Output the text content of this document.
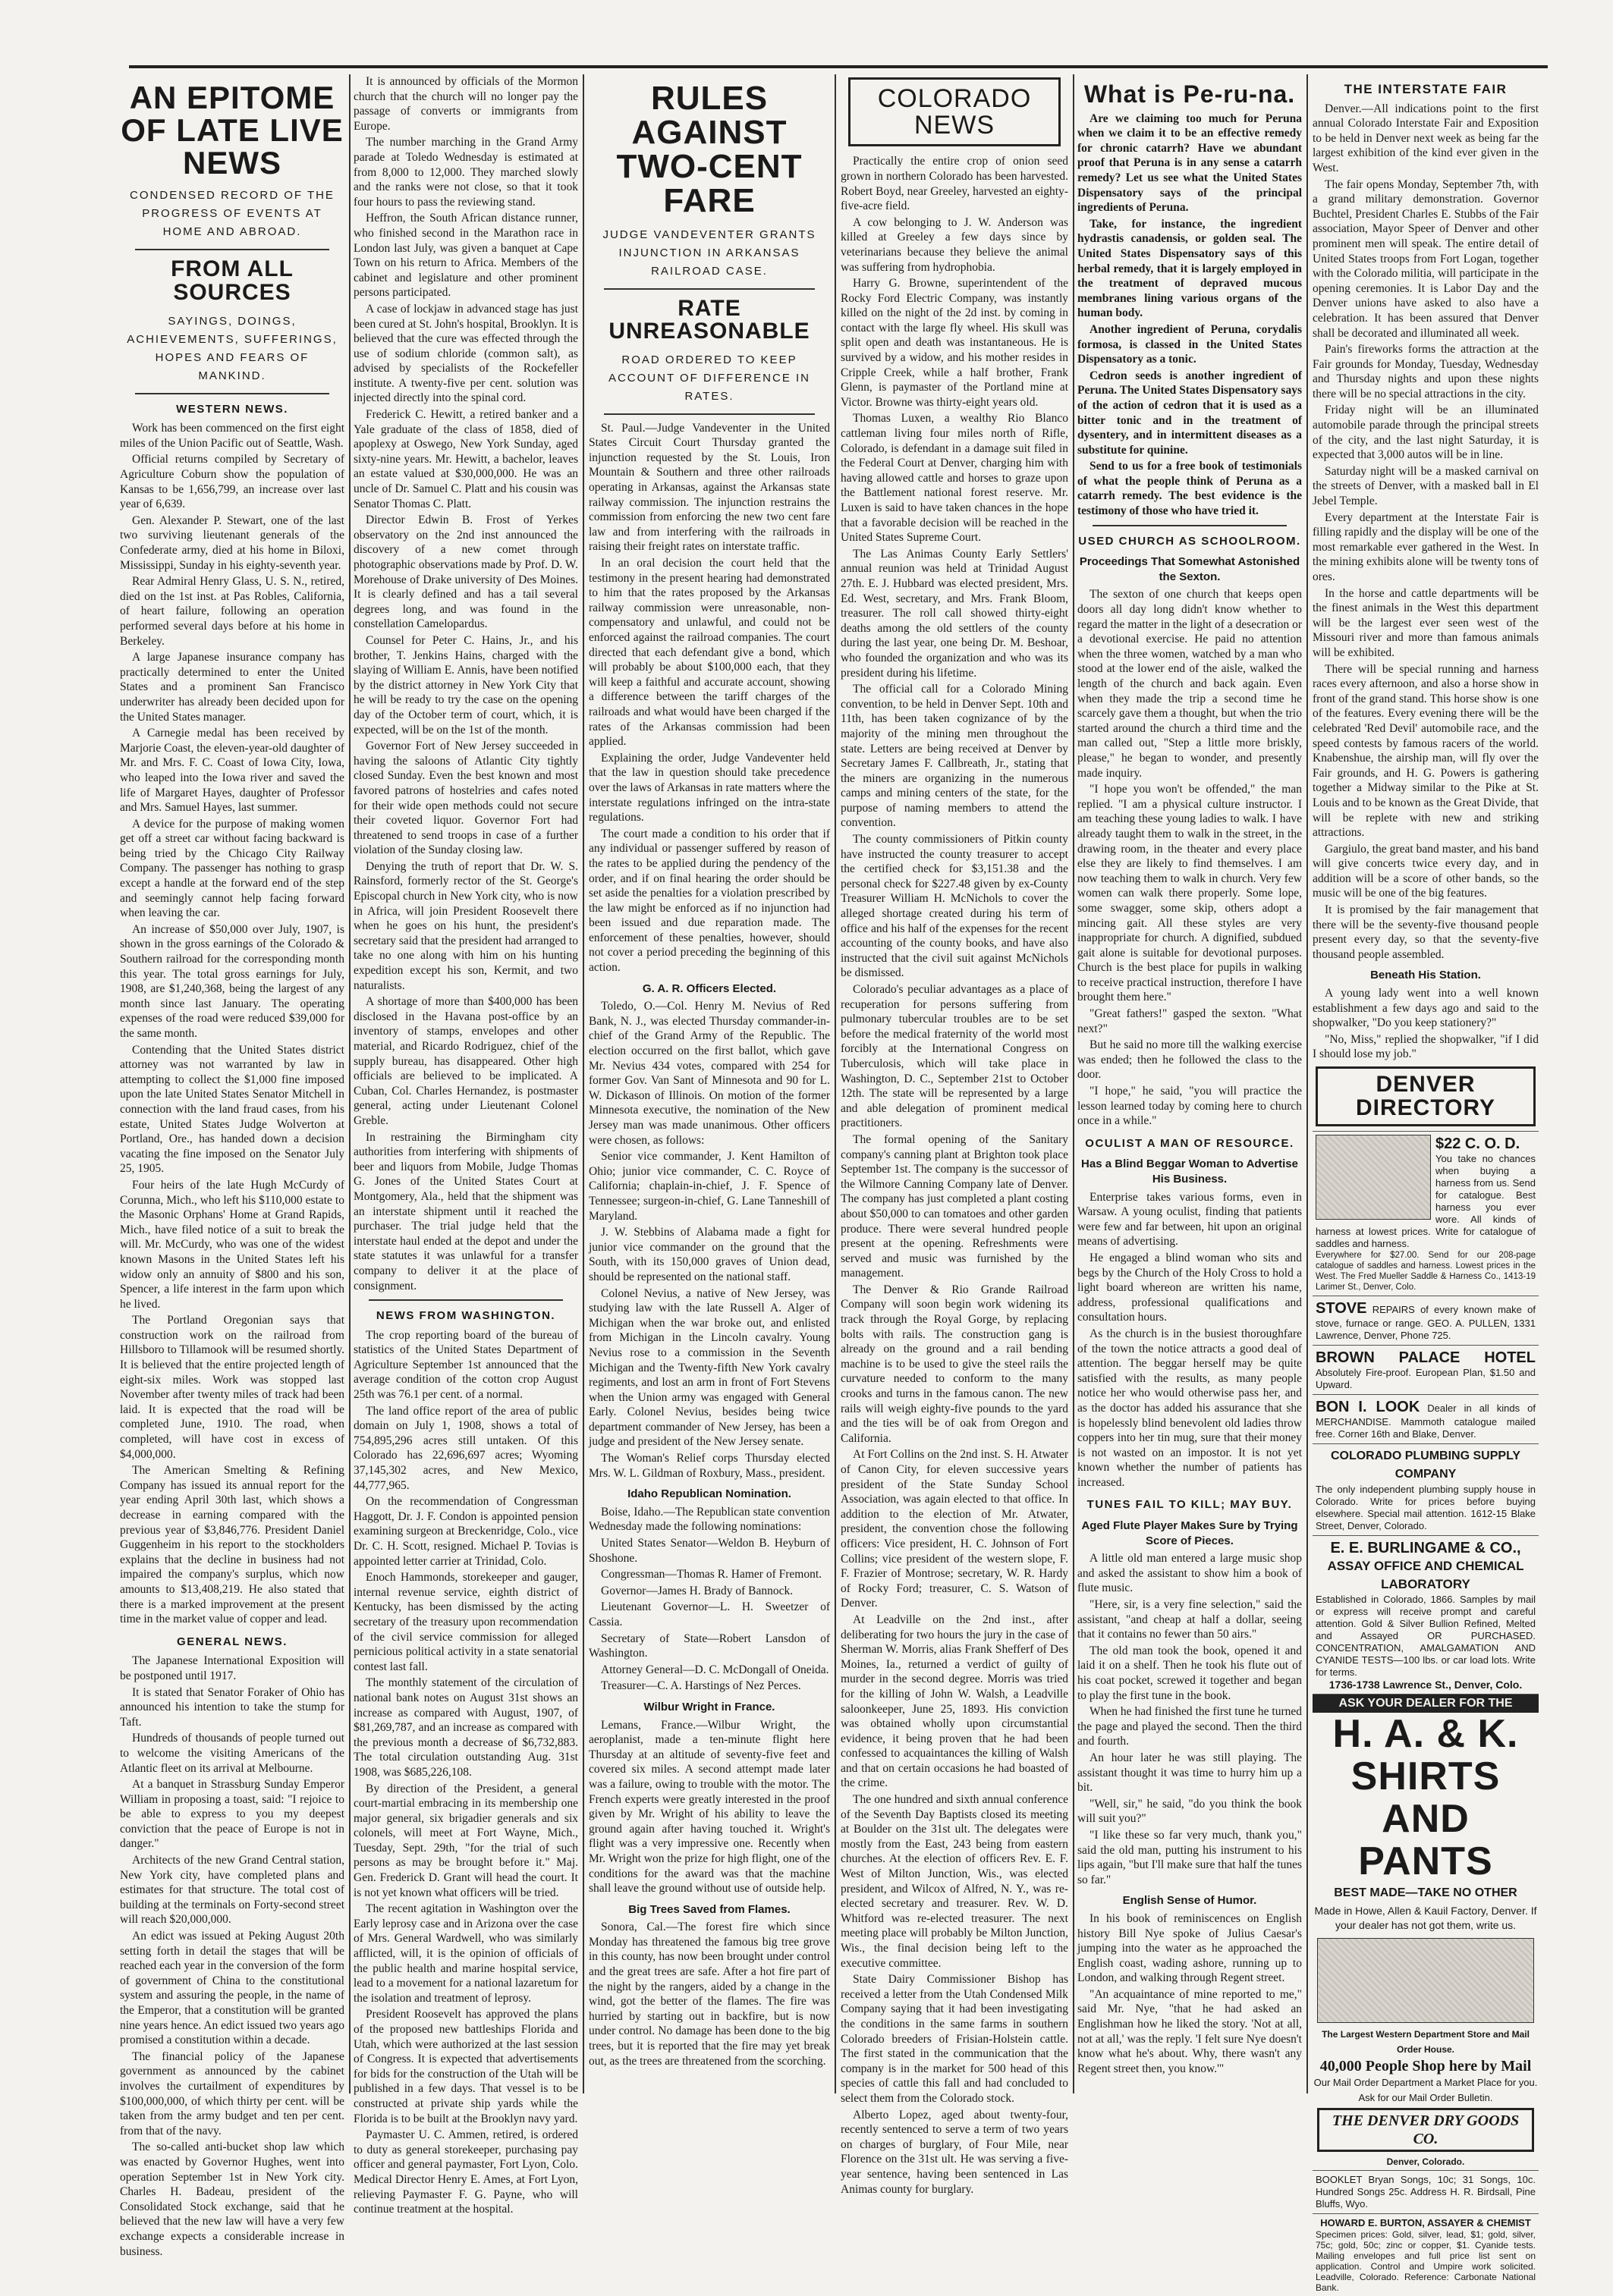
AN EPITOME OF LATE LIVE NEWS
CONDENSED RECORD OF THE PROGRESS OF EVENTS AT HOME AND ABROAD.
FROM ALL SOURCES
SAYINGS, DOINGS, ACHIEVEMENTS, SUFFERINGS, HOPES AND FEARS OF MANKIND.
WESTERN NEWS.

Work has been commenced on the first eight miles of the Union Pacific out of Seattle, Wash.

Official returns compiled by Secretary of Agriculture Coburn show the population of Kansas to be 1,656,799, an increase over last year of 6,639.

Gen. Alexander P. Stewart, one of the last two surviving lieutenant generals of the Confederate army, died at his home in Biloxi, Mississippi, Sunday in his eighty-seventh year.

Rear Admiral Henry Glass, U. S. N., retired, died on the 1st inst. at Pas Robles, California, of heart failure, following an operation performed several days before at his home in Berkeley.

A large Japanese insurance company has practically determined to enter the United States and a prominent San Francisco underwriter has already been decided upon for the United States manager.

A Carnegie medal has been received by Marjorie Coast, the eleven-year-old daughter of Mr. and Mrs. F. C. Coast of Iowa City, Iowa, who leaped into the Iowa river and saved the life of Margaret Hayes, daughter of Professor and Mrs. Samuel Hayes, last summer.

A device for the purpose of making women get off a street car without facing backward is being tried by the Chicago City Railway Company. The passenger has nothing to grasp except a handle at the forward end of the step and seemingly cannot help facing forward when leaving the car.

An increase of $50,000 over July, 1907, is shown in the gross earnings of the Colorado & Southern railroad for the corresponding month this year. The total gross earnings for July, 1908, are $1,240,368, being the largest of any month since last January. The operating expenses of the road were reduced $39,000 for the same month.

Contending that the United States district attorney was not warranted by law in attempting to collect the $1,000 fine imposed upon the late United States Senator Mitchell in connection with the land fraud cases, from his estate, United States Judge Wolverton at Portland, Ore., has handed down a decision vacating the fine imposed on the Senator July 25, 1905.

Four heirs of the late Hugh McCurdy of Corunna, Mich., who left his $110,000 estate to the Masonic Orphans' Home at Grand Rapids, Mich., have filed notice of a suit to break the will. Mr. McCurdy, who was one of the widest known Masons in the United States left his widow only an annuity of $800 and his son, Spencer, a life interest in the farm upon which he lived.

The Portland Oregonian says that construction work on the railroad from Hillsboro to Tillamook will be resumed shortly. It is believed that the entire projected length of eight-six miles. Work was stopped last November after twenty miles of track had been laid. It is expected that the road will be completed June, 1910. The road, when completed, will have cost in excess of $4,000,000.

The American Smelting & Refining Company has issued its annual report for the year ending April 30th last, which shows a decrease in earning compared with the previous year of $3,846,776. President Daniel Guggenheim in his report to the stockholders explains that the decline in business had not impaired the company's surplus, which now amounts to $13,408,219. He also stated that there is a marked improvement at the present time in the market value of copper and lead.

GENERAL NEWS.

The Japanese International Exposition will be postponed until 1917.

It is stated that Senator Foraker of Ohio has announced his intention to take the stump for Taft.

Hundreds of thousands of people turned out to welcome the visiting Americans of the Atlantic fleet on its arrival at Melbourne.

At a banquet in Strassburg Sunday Emperor William in proposing a toast, said: "I rejoice to be able to express to you my deepest conviction that the peace of Europe is not in danger."

Architects of the new Grand Central station, New York city, have completed plans and estimates for that structure. The total cost of building at the terminals on Forty-second street will reach $20,000,000.

An edict was issued at Peking August 20th setting forth in detail the stages that will be reached each year in the conversion of the form of government of China to the constitutional system and assuring the people, in the name of the Emperor, that a constitution will be granted nine years hence. An edict issued two years ago promised a constitution within a decade.

The financial policy of the Japanese government as announced by the cabinet involves the curtailment of expenditures by $100,000,000, of which thirty per cent. will be taken from the army budget and ten per cent. from that of the navy.

The so-called anti-bucket shop law which was enacted by Governor Hughes, went into operation September 1st in New York city. Charles H. Badeau, president of the Consolidated Stock exchange, said that he believed that the new law will have a very few exchange expects a considerable increase in business.

It is announced by officials of the Mormon church that the church will no longer pay the passage of converts or immigrants from Europe.

The number marching in the Grand Army parade at Toledo Wednesday is estimated at from 8,000 to 12,000. They marched slowly and the ranks were not close, so that it took four hours to pass the reviewing stand.

Heffron, the South African distance runner, who finished second in the Marathon race in London last July, was given a banquet at Cape Town on his return to Africa. Members of the cabinet and legislature and other prominent persons participated.

A case of lockjaw in advanced stage has just been cured at St. John's hospital, Brooklyn. It is believed that the cure was effected through the use of sodium chloride (common salt), as advised by specialists of the Rockefeller institute. A twenty-five per cent. solution was injected directly into the spinal cord.

Frederick C. Hewitt, a retired banker and a Yale graduate of the class of 1858, died of apoplexy at Oswego, New York Sunday, aged sixty-nine years. Mr. Hewitt, a bachelor, leaves an estate valued at $30,000,000. He was an uncle of Dr. Samuel C. Platt and his cousin was Senator Thomas C. Platt.

Director Edwin B. Frost of Yerkes observatory on the 2nd inst announced the discovery of a new comet through photographic observations made by Prof. D. W. Morehouse of Drake university of Des Moines. It is clearly defined and has a tail several degrees long, and was found in the constellation Camelopardus.

Counsel for Peter C. Hains, Jr., and his brother, T. Jenkins Hains, charged with the slaying of William E. Annis, have been notified by the district attorney in New York City that he will be ready to try the case on the opening day of the October term of court, which, it is expected, will be on the 1st of the month.

Governor Fort of New Jersey succeeded in having the saloons of Atlantic City tightly closed Sunday. Even the best known and most favored patrons of hostelries and cafes noted for their wide open methods could not secure their coveted liquor. Governor Fort had threatened to send troops in case of a further violation of the Sunday closing law.

Denying the truth of report that Dr. W. S. Rainsford, formerly rector of the St. George's Episcopal church in New York city, who is now in Africa, will join President Roosevelt there when he goes on his hunt, the president's secretary said that the president had arranged to take no one along with him on his hunting expedition except his son, Kermit, and two naturalists.

A shortage of more than $400,000 has been disclosed in the Havana post-office by an inventory of stamps, envelopes and other material, and Ricardo Rodriguez, chief of the supply bureau, has disappeared. Other high officials are believed to be implicated. A Cuban, Col. Charles Hernandez, is postmaster general, acting under Lieutenant Colonel Greble.

In restraining the Birmingham city authorities from interfering with shipments of beer and liquors from Mobile, Judge Thomas G. Jones of the United States Court at Montgomery, Ala., held that the shipment was an interstate shipment until it reached the purchaser. The trial judge held that the interstate haul ended at the depot and under the state statutes it was unlawful for a transfer company to deliver it at the place of consignment.

NEWS FROM WASHINGTON.

The crop reporting board of the bureau of statistics of the United States Department of Agriculture September 1st announced that the average condition of the cotton crop August 25th was 76.1 per cent. of a normal.

The land office report of the area of public domain on July 1, 1908, shows a total of 754,895,296 acres still untaken. Of this Colorado has 22,696,697 acres; Wyoming 37,145,302 acres, and New Mexico, 44,777,965.

On the recommendation of Congressman Haggott, Dr. J. F. Condon is appointed pension examining surgeon at Breckenridge, Colo., vice Dr. C. H. Scott, resigned. Michael P. Tovias is appointed letter carrier at Trinidad, Colo.

Enoch Hammonds, storekeeper and gauger, internal revenue service, eighth district of Kentucky, has been dismissed by the acting secretary of the treasury upon recommendation of the civil service commission for alleged pernicious political activity in a state senatorial contest last fall.

The monthly statement of the circulation of national bank notes on August 31st shows an increase as compared with August, 1907, of $81,269,787, and an increase as compared with the previous month a decrease of $6,732,883. The total circulation outstanding Aug. 31st 1908, was $685,226,108.

By direction of the President, a general court-martial embracing in its membership one major general, six brigadier generals and six colonels, will meet at Fort Wayne, Mich., Tuesday, Sept. 29th, "for the trial of such persons as may be brought before it." Maj. Gen. Frederick D. Grant will head the court. It is not yet known what officers will be tried.

The recent agitation in Washington over the Early leprosy case and in Arizona over the case of Mrs. General Wardwell, who was similarly afflicted, will, it is the opinion of officials of the public health and marine hospital service, lead to a movement for a national lazaretum for the isolation and treatment of leprosy.

President Roosevelt has approved the plans of the proposed new battleships Florida and Utah, which were authorized at the last session of Congress. It is expected that advertisements for bids for the construction of the Utah will be published in a few days. That vessel is to be constructed at private ship yards while the Florida is to be built at the Brooklyn navy yard.

Paymaster U. C. Ammen, retired, is ordered to duty as general storekeeper, purchasing pay officer and general paymaster, Fort Lyon, Colo. Medical Director Henry E. Ames, at Fort Lyon, relieving Paymaster F. G. Payne, who will continue treatment at the hospital.

RULES AGAINST TWO-CENT FARE
JUDGE VANDEVENTER GRANTS INJUNCTION IN ARKANSAS RAILROAD CASE.
RATE UNREASONABLE
ROAD ORDERED TO KEEP ACCOUNT OF DIFFERENCE IN RATES.

St. Paul.—Judge Vandeventer in the United States Circuit Court Thursday granted the injunction requested by the St. Louis, Iron Mountain & Southern and three other railroads operating in Arkansas, against the Arkansas state railway commission. The injunction restrains the commission from enforcing the new two cent fare law and from interfering with the railroads in raising their freight rates on interstate traffic.

In an oral decision the court held that the testimony in the present hearing had demonstrated to him that the rates proposed by the Arkansas railway commission were unreasonable, non-compensatory and unlawful, and could not be enforced against the railroad companies. The court directed that each defendant give a bond, which will probably be about $100,000 each, that they will keep a faithful and accurate account, showing a difference between the tariff charges of the railroads and what would have been charged if the rates of the Arkansas commission had been applied.

Explaining the order, Judge Vandeventer held that the law in question should take precedence over the laws of Arkansas in rate matters where the interstate regulations infringed on the intra-state regulations.

The court made a condition to his order that if any individual or passenger suffered by reason of the rates to be applied during the pendency of the order, and if on final hearing the order should be set aside the penalties for a violation prescribed by the law might be enforced as if no injunction had been issued and due reparation made. The enforcement of these penalties, however, should not cover a period preceding the beginning of this action.

G. A. R. Officers Elected.

Toledo, O.—Col. Henry M. Nevius of Red Bank, N. J., was elected Thursday commander-in-chief of the Grand Army of the Republic. The election occurred on the first ballot, which gave Mr. Nevius 434 votes, compared with 254 for former Gov. Van Sant of Minnesota and 90 for L. W. Dickason of Illinois. On motion of the former Minnesota executive, the nomination of the New Jersey man was made unanimous. Other officers were chosen, as follows:

Senior vice commander, J. Kent Hamilton of Ohio; junior vice commander, C. C. Royce of California; chaplain-in-chief, J. F. Spence of Tennessee; surgeon-in-chief, G. Lane Tanneshill of Maryland.

J. W. Stebbins of Alabama made a fight for junior vice commander on the ground that the South, with its 150,000 graves of Union dead, should be represented on the national staff.

Colonel Nevius, a native of New Jersey, was studying law with the late Russell A. Alger of Michigan when the war broke out, and enlisted from Michigan in the Lincoln cavalry. Young Nevius rose to a commission in the Seventh Michigan and the Twenty-fifth New York cavalry regiments, and lost an arm in front of Fort Stevens when the Union army was engaged with General Early. Colonel Nevius, besides being twice department commander of New Jersey, has been a judge and president of the New Jersey senate.

The Woman's Relief corps Thursday elected Mrs. W. L. Gildman of Roxbury, Mass., president.

Idaho Republican Nomination.

Boise, Idaho.—The Republican state convention Wednesday made the following nominations:

United States Senator—Weldon B. Heyburn of Shoshone.

Congressman—Thomas R. Hamer of Fremont.

Governor—James H. Brady of Bannock.

Lieutenant Governor—L. H. Sweetzer of Cassia.

Secretary of State—Robert Lansdon of Washington.

Attorney General—D. C. McDongall of Oneida.

Treasurer—C. A. Harstings of Nez Perces.

Wilbur Wright in France.

Lemans, France.—Wilbur Wright, the aeroplanist, made a ten-minute flight here Thursday at an altitude of seventy-five feet and covered six miles. A second attempt made later was a failure, owing to trouble with the motor. The French experts were greatly interested in the proof given by Mr. Wright of his ability to leave the ground again after having touched it. Wright's flight was a very impressive one. Recently when Mr. Wright won the prize for high flight, one of the conditions for the award was that the machine shall leave the ground without use of outside help.

Big Trees Saved from Flames.

Sonora, Cal.—The forest fire which since Monday has threatened the famous big tree grove in this county, has now been brought under control and the great trees are safe. After a hot fire part of the night by the rangers, aided by a change in the wind, got the better of the flames. The fire was hurried by starting out in backfire, but is now under control. No damage has been done to the big trees, but it is reported that the fire may yet break out, as the trees are threatened from the scorching.

COLORADO NEWS

Practically the entire crop of onion seed grown in northern Colorado has been harvested. Robert Boyd, near Greeley, harvested an eighty-five-acre field.

A cow belonging to J. W. Anderson was killed at Greeley a few days since by veterinarians because they believe the animal was suffering from hydrophobia.

Harry G. Browne, superintendent of the Rocky Ford Electric Company, was instantly killed on the night of the 2d inst. by coming in contact with the large fly wheel. His skull was split open and death was instantaneous. He is survived by a widow, and his mother resides in Cripple Creek, while a half brother, Frank Glenn, is paymaster of the Portland mine at Victor. Browne was thirty-eight years old.

Thomas Luxen, a wealthy Rio Blanco cattleman living four miles north of Rifle, Colorado, is defendant in a damage suit filed in the Federal Court at Denver, charging him with having allowed cattle and horses to graze upon the Battlement national forest reserve. Mr. Luxen is said to have taken chances in the hope that a favorable decision will be reached in the United States Supreme Court.

The Las Animas County Early Settlers' annual reunion was held at Trinidad August 27th. E. J. Hubbard was elected president, Mrs. Ed. West, secretary, and Mrs. Frank Bloom, treasurer. The roll call showed thirty-eight deaths among the old settlers of the county during the last year, one being Dr. M. Beshoar, who founded the organization and who was its president during his lifetime.

The official call for a Colorado Mining convention, to be held in Denver Sept. 10th and 11th, has been taken cognizance of by the majority of the mining men throughout the state. Letters are being received at Denver by Secretary James F. Callbreath, Jr., stating that the miners are organizing in the numerous camps and mining centers of the state, for the purpose of naming members to attend the convention.

The county commissioners of Pitkin county have instructed the county treasurer to accept the certified check for $3,151.38 and the personal check for $227.48 given by ex-County Treasurer William H. McNichols to cover the alleged shortage created during his term of office and his half of the expenses for the recent accounting of the county books, and have also instructed that the civil suit against McNichols be dismissed.

Colorado's peculiar advantages as a place of recuperation for persons suffering from pulmonary tubercular troubles are to be set before the medical fraternity of the world most forcibly at the International Congress on Tuberculosis, which will take place in Washington, D. C., September 21st to October 12th. The state will be represented by a large and able delegation of prominent medical practitioners.

The formal opening of the Sanitary company's canning plant at Brighton took place September 1st. The company is the successor of the Wilmore Canning Company late of Denver. The company has just completed a plant costing about $50,000 to can tomatoes and other garden produce. There were several hundred people present at the opening. Refreshments were served and music was furnished by the management.

The Denver & Rio Grande Railroad Company will soon begin work widening its track through the Royal Gorge, by replacing bolts with rails. The construction gang is already on the ground and a rail bending machine is to be used to give the steel rails the curvature needed to conform to the many crooks and turns in the famous canon. The new rails will weigh eighty-five pounds to the yard and the ties will be of oak from Oregon and California.

At Fort Collins on the 2nd inst. S. H. Atwater of Canon City, for eleven successive years president of the State Sunday School Association, was again elected to that office. In addition to the election of Mr. Atwater, president, the convention chose the following officers: Vice president, H. C. Johnson of Fort Collins; vice president of the western slope, F. F. Frazier of Montrose; secretary, W. R. Hardy of Rocky Ford; treasurer, C. S. Watson of Denver.

At Leadville on the 2nd inst., after deliberating for two hours the jury in the case of Sherman W. Morris, alias Frank Shefferf of Des Moines, Ia., returned a verdict of guilty of murder in the second degree. Morris was tried for the killing of John W. Walsh, a Leadville saloonkeeper, June 25, 1893. His conviction was obtained wholly upon circumstantial evidence, it being proven that he had been confessed to acquaintances the killing of Walsh and that on certain occasions he had boasted of the crime.

The one hundred and sixth annual conference of the Seventh Day Baptists closed its meeting at Boulder on the 31st ult. The delegates were mostly from the East, 243 being from eastern churches. At the election of officers Rev. E. F. West of Milton Junction, Wis., was elected president, and Wilcox of Alfred, N. Y., was re-elected secretary and treasurer. Rev. W. D. Whitford was re-elected treasurer. The next meeting place will probably be Milton Junction, Wis., the final decision being left to the executive committee.

State Dairy Commissioner Bishop has received a letter from the Utah Condensed Milk Company saying that it had been investigating the conditions in the same farms in southern Colorado breeders of Frisian-Holstein cattle. The first stated in the communication that the company is in the market for 500 head of this species of cattle this fall and had concluded to select them from the Colorado stock.

Alberto Lopez, aged about twenty-four, recently sentenced to serve a term of two years on charges of burglary, of Four Mile, near Florence on the 31st ult. He was serving a five-year sentence, having been sentenced in Las Animas county for burglary.

What is Pe-ru-na.

Are we claiming too much for Peruna when we claim it to be an effective remedy for chronic catarrh? Have we abundant proof that Peruna is in any sense a catarrh remedy? Let us see what the United States Dispensatory says of the principal ingredients of Peruna.

Take, for instance, the ingredient hydrastis canadensis, or golden seal. The United States Dispensatory says of this herbal remedy, that it is largely employed in the treatment of depraved mucous membranes lining various organs of the human body.

Another ingredient of Peruna, corydalis formosa, is classed in the United States Dispensatory as a tonic.

Cedron seeds is another ingredient of Peruna. The United States Dispensatory says of the action of cedron that it is used as a bitter tonic and in the treatment of dysentery, and in intermittent diseases as a substitute for quinine.

Send to us for a free book of testimonials of what the people think of Peruna as a catarrh remedy. The best evidence is the testimony of those who have tried it.

USED CHURCH AS SCHOOLROOM.
Proceedings That Somewhat Astonished the Sexton.

The sexton of one church that keeps open doors all day long didn't know whether to regard the matter in the light of a desecration or a devotional exercise. He paid no attention when the three women, watched by a man who stood at the lower end of the aisle, walked the length of the church and back again. Even when they made the trip a second time he scarcely gave them a thought, but when the trio started around the church a third time and the man called out, "Step a little more briskly, please," he began to wonder, and presently made inquiry.

"I hope you won't be offended," the man replied. "I am a physical culture instructor. I am teaching these young ladies to walk. I have already taught them to walk in the street, in the drawing room, in the theater and every place else they are likely to find themselves. I am now teaching them to walk in church. Very few women can walk there properly. Some lope, some swagger, some skip, others adopt a mincing gait. All these styles are very inappropriate for church. A dignified, subdued gait alone is suitable for devotional purposes. Church is the best place for pupils in walking to receive practical instruction, therefore I have brought them here."

"Great fathers!" gasped the sexton. "What next?"

But he said no more till the walking exercise was ended; then he followed the class to the door.

"I hope," he said, "you will practice the lesson learned today by coming here to church once in a while."

OCULIST A MAN OF RESOURCE.
Has a Blind Beggar Woman to Advertise His Business.

Enterprise takes various forms, even in Warsaw. A young oculist, finding that patients were few and far between, hit upon an original means of advertising.

He engaged a blind woman who sits and begs by the Church of the Holy Cross to hold a light board whereon are written his name, address, professional qualifications and consultation hours.

As the church is in the busiest thoroughfare of the town the notice attracts a good deal of attention. The beggar herself may be quite satisfied with the results, as many people notice her who would otherwise pass her, and as the doctor has added his assurance that she is hopelessly blind benevolent old ladies throw coppers into her tin mug, sure that their money is not wasted on an impostor. It is not yet known whether the number of patients has increased.

TUNES FAIL TO KILL; MAY BUY.
Aged Flute Player Makes Sure by Trying Score of Pieces.

A little old man entered a large music shop and asked the assistant to show him a book of flute music.

"Here, sir, is a very fine selection," said the assistant, "and cheap at half a dollar, seeing that it contains no fewer than 50 airs."

The old man took the book, opened it and laid it on a shelf. Then he took his flute out of his coat pocket, screwed it together and began to play the first tune in the book.

When he had finished the first tune he turned the page and played the second. Then the third and fourth.

An hour later he was still playing. The assistant thought it was time to hurry him up a bit.

"Well, sir," he said, "do you think the book will suit you?"

"I like these so far very much, thank you," said the old man, putting his instrument to his lips again, "but I'll make sure that half the tunes so far."

English Sense of Humor.

In his book of reminiscences on English history Bill Nye spoke of Julius Caesar's jumping into the water as he approached the English coast, wading ashore, running up to London, and walking through Regent street.

"An acquaintance of mine reported to me," said Mr. Nye, "that he had asked an Englishman how he liked the story. 'Not at all, not at all,' was the reply. 'I felt sure Nye doesn't know what he's about. Why, there wasn't any Regent street then, you know.'"

THE INTERSTATE FAIR

Denver.—All indications point to the first annual Colorado Interstate Fair and Exposition to be held in Denver next week as being far the largest exhibition of the kind ever given in the West.

The fair opens Monday, September 7th, with a grand military demonstration. Governor Buchtel, President Charles E. Stubbs of the Fair association, Mayor Speer of Denver and other prominent men will speak. The entire detail of United States troops from Fort Logan, together with the Colorado militia, will participate in the opening ceremonies. It is Labor Day and the Denver unions have asked to also have a celebration. It has been assured that Denver shall be decorated and illuminated all week.

Pain's fireworks forms the attraction at the Fair grounds for Monday, Tuesday, Wednesday and Thursday nights and upon these nights there will be no special attractions in the city.

Friday night will be an illuminated automobile parade through the principal streets of the city, and the last night Saturday, it is expected that 3,000 autos will be in line.

Saturday night will be a masked carnival on the streets of Denver, with a masked ball in El Jebel Temple.

Every department at the Interstate Fair is filling rapidly and the display will be one of the most remarkable ever gathered in the West. In the mining exhibits alone will be twenty tons of ores.

In the horse and cattle departments will be the finest animals in the West this department will be the largest ever seen west of the Missouri river and more than famous animals will be exhibited.

There will be special running and harness races every afternoon, and also a horse show in front of the grand stand. This horse show is one of the features. Every evening there will be the celebrated 'Red Devil' automobile race, and the speed contests by famous racers of the world. Knabenshue, the airship man, will fly over the Fair grounds, and H. G. Powers is gathering together a Midway similar to the Pike at St. Louis and to be known as the Great Divide, that will be replete with new and striking attractions.

Gargiulo, the great band master, and his band will give concerts twice every day, and in addition will be a score of other bands, so the music will be one of the big features.

It is promised by the fair management that there will be the seventy-five thousand people present every day, so that the seventy-five thousand people assembled.

Beneath His Station.

A young lady went into a well known establishment a few days ago and said to the shopwalker, "Do you keep stationery?"

"No, Miss," replied the shopwalker, "if I did I should lose my job."

DENVER DIRECTORY
$22 C. O. D.
You take no chances when buying a harness from us. Send for catalogue. Best harness you ever wore. All kinds of harness at lowest prices. Write for catalogue of saddles and harness.
Everywhere for $27.00. Send for our 208-page catalogue of saddles and harness. Lowest prices in the West. The Fred Mueller Saddle & Harness Co., 1413-19 Larimer St., Denver, Colo.
STOVE REPAIRS of every known make of stove, furnace or range. GEO. A. PULLEN, 1331 Lawrence, Denver, Phone 725.
BROWN PALACE HOTEL Absolutely Fire-proof. European Plan, $1.50 and Upward.
BON I. LOOK Dealer in all kinds of MERCHANDISE. Mammoth catalogue mailed free. Corner 16th and Blake, Denver.
COLORADO PLUMBING SUPPLY COMPANY
The only independent plumbing supply house in Colorado. Write for prices before buying elsewhere. Special mail attention. 1612-15 Blake Street, Denver, Colorado.
E. E. BURLINGAME & CO.,
ASSAY OFFICE AND CHEMICAL LABORATORY
Established in Colorado, 1866. Samples by mail or express will receive prompt and careful attention. Gold & Silver Bullion Refined, Melted and Assayed OR PURCHASED. CONCENTRATION, AMALGAMATION AND CYANIDE TESTS—100 lbs. or car load lots. Write for terms.
1736-1738 Lawrence St., Denver, Colo.
ASK YOUR DEALER FOR THE
H. A. & K. SHIRTS AND PANTS
BEST MADE—TAKE NO OTHER
Made in Howe, Allen & Kauil Factory, Denver. If your dealer has not got them, write us.
The Largest Western Department Store and Mail Order House.
40,000 People Shop here by Mail
Our Mail Order Department a Market Place for you. Ask for our Mail Order Bulletin.
THE DENVER DRY GOODS CO.
Denver, Colorado.
BOOKLET Bryan Songs, 10c; 31 Songs, 10c. Hundred Songs 25c. Address H. R. Birdsall, Pine Bluffs, Wyo.
HOWARD E. BURTON, ASSAYER & CHEMIST
Specimen prices: Gold, silver, lead, $1; gold, silver, 75c; gold, 50c; zinc or copper, $1. Cyanide tests. Mailing envelopes and full price list sent on application. Control and Umpire work solicited. Leadville, Colorado. Reference: Carbonate National Bank.
